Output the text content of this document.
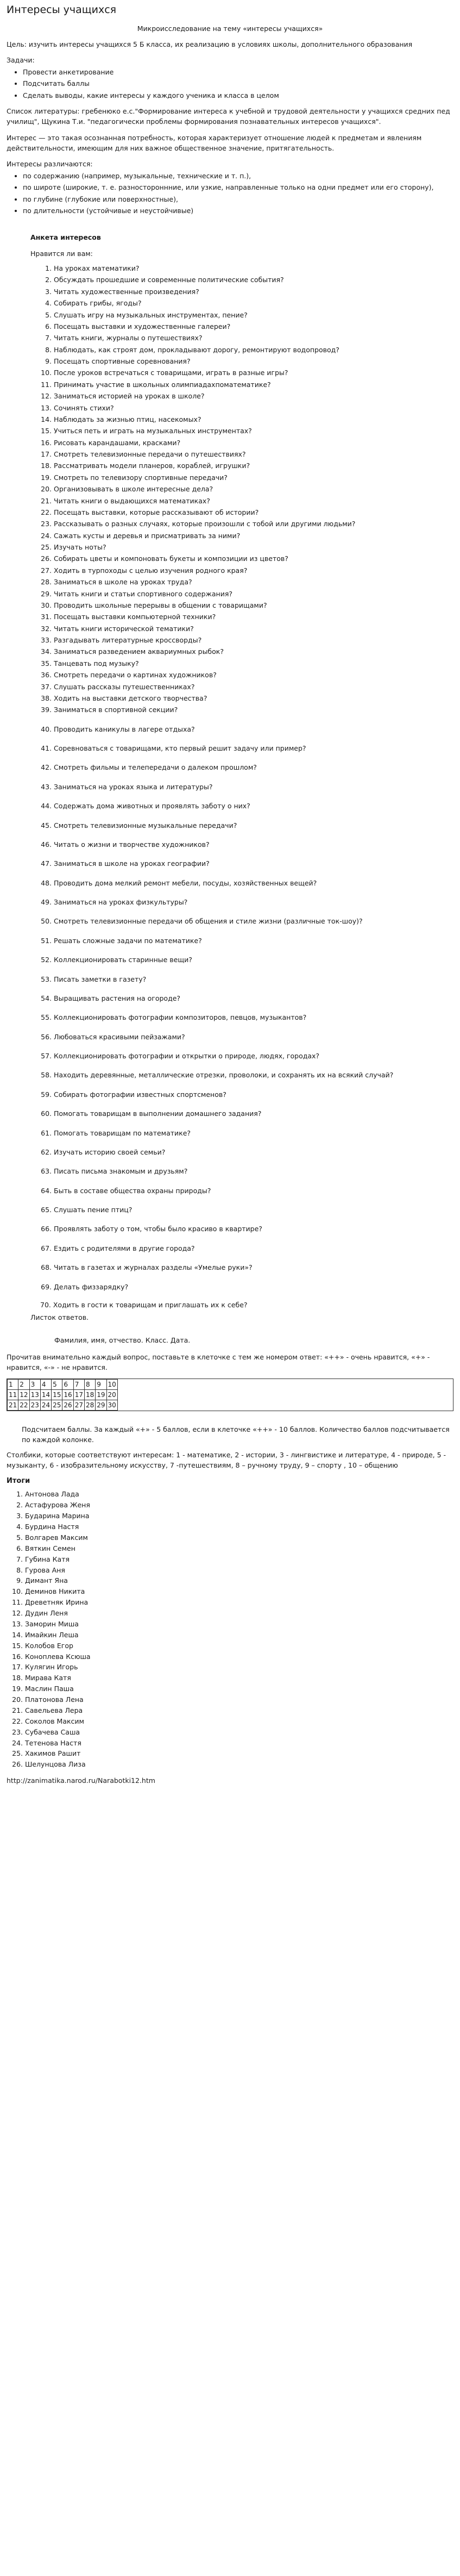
Интересы учащихся

Микроисследование на тему «интересы учащихся»

Цель: изучить интересы учащихся 5 Б класса, их реализацию в условиях школы, дополнительного образования

Задачи:

• Провести анкетирование
• Подсчитать баллы
• Сделать выводы, какие интересы у каждого ученика и класса в целом

Список литературы: гребенюко е.с."Формирование интереса к учебной и трудовой деятельности у учащихся средних пед училищ", Щукина Т.и. "педагогически проблемы формирования познавательных интересов учащихся".

Интерес — это такая осознанная потребность, которая характеризует отношение людей к предметам и явлениям действительности, имеющим для них важное общественное значение, притягательность.

Интересы различаются:

• по содержанию (например, музыкальные, технические и т. п.),
• по широте (широкие, т. е. разностороннние, или узкие, направленные только на одни предмет или его сторону),
• по глубине (глубокие или поверхностные),
• по длительности (устойчивые и неустойчивые)
Анкета интересов

Нравится ли вам:

1. На уроках математики?
2. Обсуждать прошедшие и современные политические события?
3. Читать художественные произведения?
4. Собирать грибы, ягоды?
5. Слушать игру на музыкальных инструментах, пение?
6. Посещать выставки и художественные галереи?
7. Читать книги, журналы о путешествиях?
8. Наблюдать, как строят дом, прокладывают дорогу, ремонтируют водопровод?
9. Посещать спортивные соревнования?
10. После уроков встречаться с товарищами, играть в разные игры?
11. Принимать участие в школьных олимпиадахпоматематике?
12. Заниматься историей на уроках в школе?
13. Сочинять стихи?
14. Наблюдать за жизнью птиц, насекомых?
15. Учиться петь и играть на музыкальных инструментах?
16. Рисовать карандашами, красками?
17. Смотреть телевизионные передачи о путешествиях?
18. Рассматривать модели планеров, кораблей, игрушки?
19. Смотреть по телевизору спортивные передачи?
20. Организовывать в школе интересные дела?
21. Читать книги о выдающихся математиках?
22. Посещать выставки, которые рассказывают об истории?
23. Рассказывать о разных случаях, которые произошли с тобой или другими людьми?
24. Сажать кусты и деревья и присматривать за ними?
25. Изучать ноты?
26. Собирать цветы и компоновать букеты и композиции из цветов?
27. Ходить в турпоходы с целью изучения родного края?
28. Заниматься в школе на уроках труда?
29. Читать книги и статьи спортивного содержания?
30. Проводить школьные перерывы в общении с товарищами?
31. Посещать выставки компьютерной техники?
32. Читать книги исторической тематики?
33. Разгадывать литературные кроссворды?
34. Заниматься разведением аквариумных рыбок?
35. Танцевать под музыку?
36. Смотреть передачи о картинах художников?
37. Слушать рассказы путешественниках?
38. Ходить на выставки детского творчества?
39. Заниматься в спортивной секции?
40. Проводить каникулы в лагере отдыха?
41. Соревноваться с товарищами, кто первый решит задачу или пример?
42. Смотреть фильмы и телепередачи о далеком прошлом?
43. Заниматься на уроках языка и литературы?
44. Содержать дома животных и проявлять заботу о них?
45. Смотреть телевизионные музыкальные передачи?
46. Читать о жизни и творчестве художников?
47. Заниматься в школе на уроках географии?
48. Проводить дома мелкий ремонт мебели, посуды, хозяйственных вещей?
49. Заниматься на уроках физкультуры?
50. Смотреть телевизионные передачи об общения и стиле жизни (различные ток-шоу)?
51. Решать сложные задачи по математике?
52. Коллекционировать старинные вещи?
53. Писать заметки в газету?
54. Выращивать растения на огороде?
55. Коллекционировать фотографии композиторов, певцов, музыкантов?
56. Любоваться красивыми пейзажами?
57. Коллекционировать фотографии и открытки о природе, людях, городах?
58. Находить деревянные, металлические отрезки, проволоки, и сохранять их на всякий случай?
59. Собирать фотографии известных спортсменов?
60. Помогать товарищам в выполнении домашнего задания?
61. Помогать товарищам по математике?
62. Изучать историю своей семьи?
63. Писать письма знакомым и друзьям?
64. Быть в составе общества охраны природы?
65. Слушать пение птиц?
66. Проявлять заботу о том, чтобы было красиво в квартире?
67. Ездить с родителями в другие города?
68. Читать в газетах и журналах разделы «Умелые руки»?
69. Делать физзарядку?

70. Ходить в гости к товарищам и приглашать их к себе?

Листок ответов.

Фамилия, имя, отчество. Класс. Дата.

Прочитав внимательно каждый вопрос, поставьте в клеточке с тем же номером ответ: «++» - очень нравится, «+» - нравится, «-» - не нравится.

1	2	3	4	5	6	7	8	9	10	
11	12	13	14	15	16	17	18	19	20	
21	22	23	24	25	26	27	28	29	30	

Подсчитаем баллы. За каждый «+» - 5 баллов, если в клеточке «++» - 10 баллов. Количество баллов подсчитывается по каждой колонке.

Столбики, которые соответствуют интересам: 1 - математике, 2 - истории, 3 - лингвистике и литературе, 4 - природе, 5 - музыканту, 6 - изобразительному искусству, 7 -путешествиям, 8 – ручному труду, 9 – спорту , 10 – общению

Итоги
1. Антонова Лада
2. Астафурова Женя
3. Бударина Марина
4. Бурдина Настя
5. Волгарев Максим
6. Вяткин Семен
7. Губина Катя
8. Гурова Аня
9. Димант Яна
10. Деминов Никита
11. Древетняк Ирина
12. Дудин Леня
13. Заморин Миша
14. Имайкин Леша
15. Колобов Егор
16. Коноплева Ксюша
17. Кулягин Игорь
18. Мирава Катя
19. Маслин Паша
20. Платонова Лена
21. Савельева Лера
22. Соколов Максим
23. Субачева Саша
24. Тетенова Настя
25. Хакимов Рашит
26. Шелунцова Лиза

http://zanimatika.narod.ru/Narabotki12.htm
